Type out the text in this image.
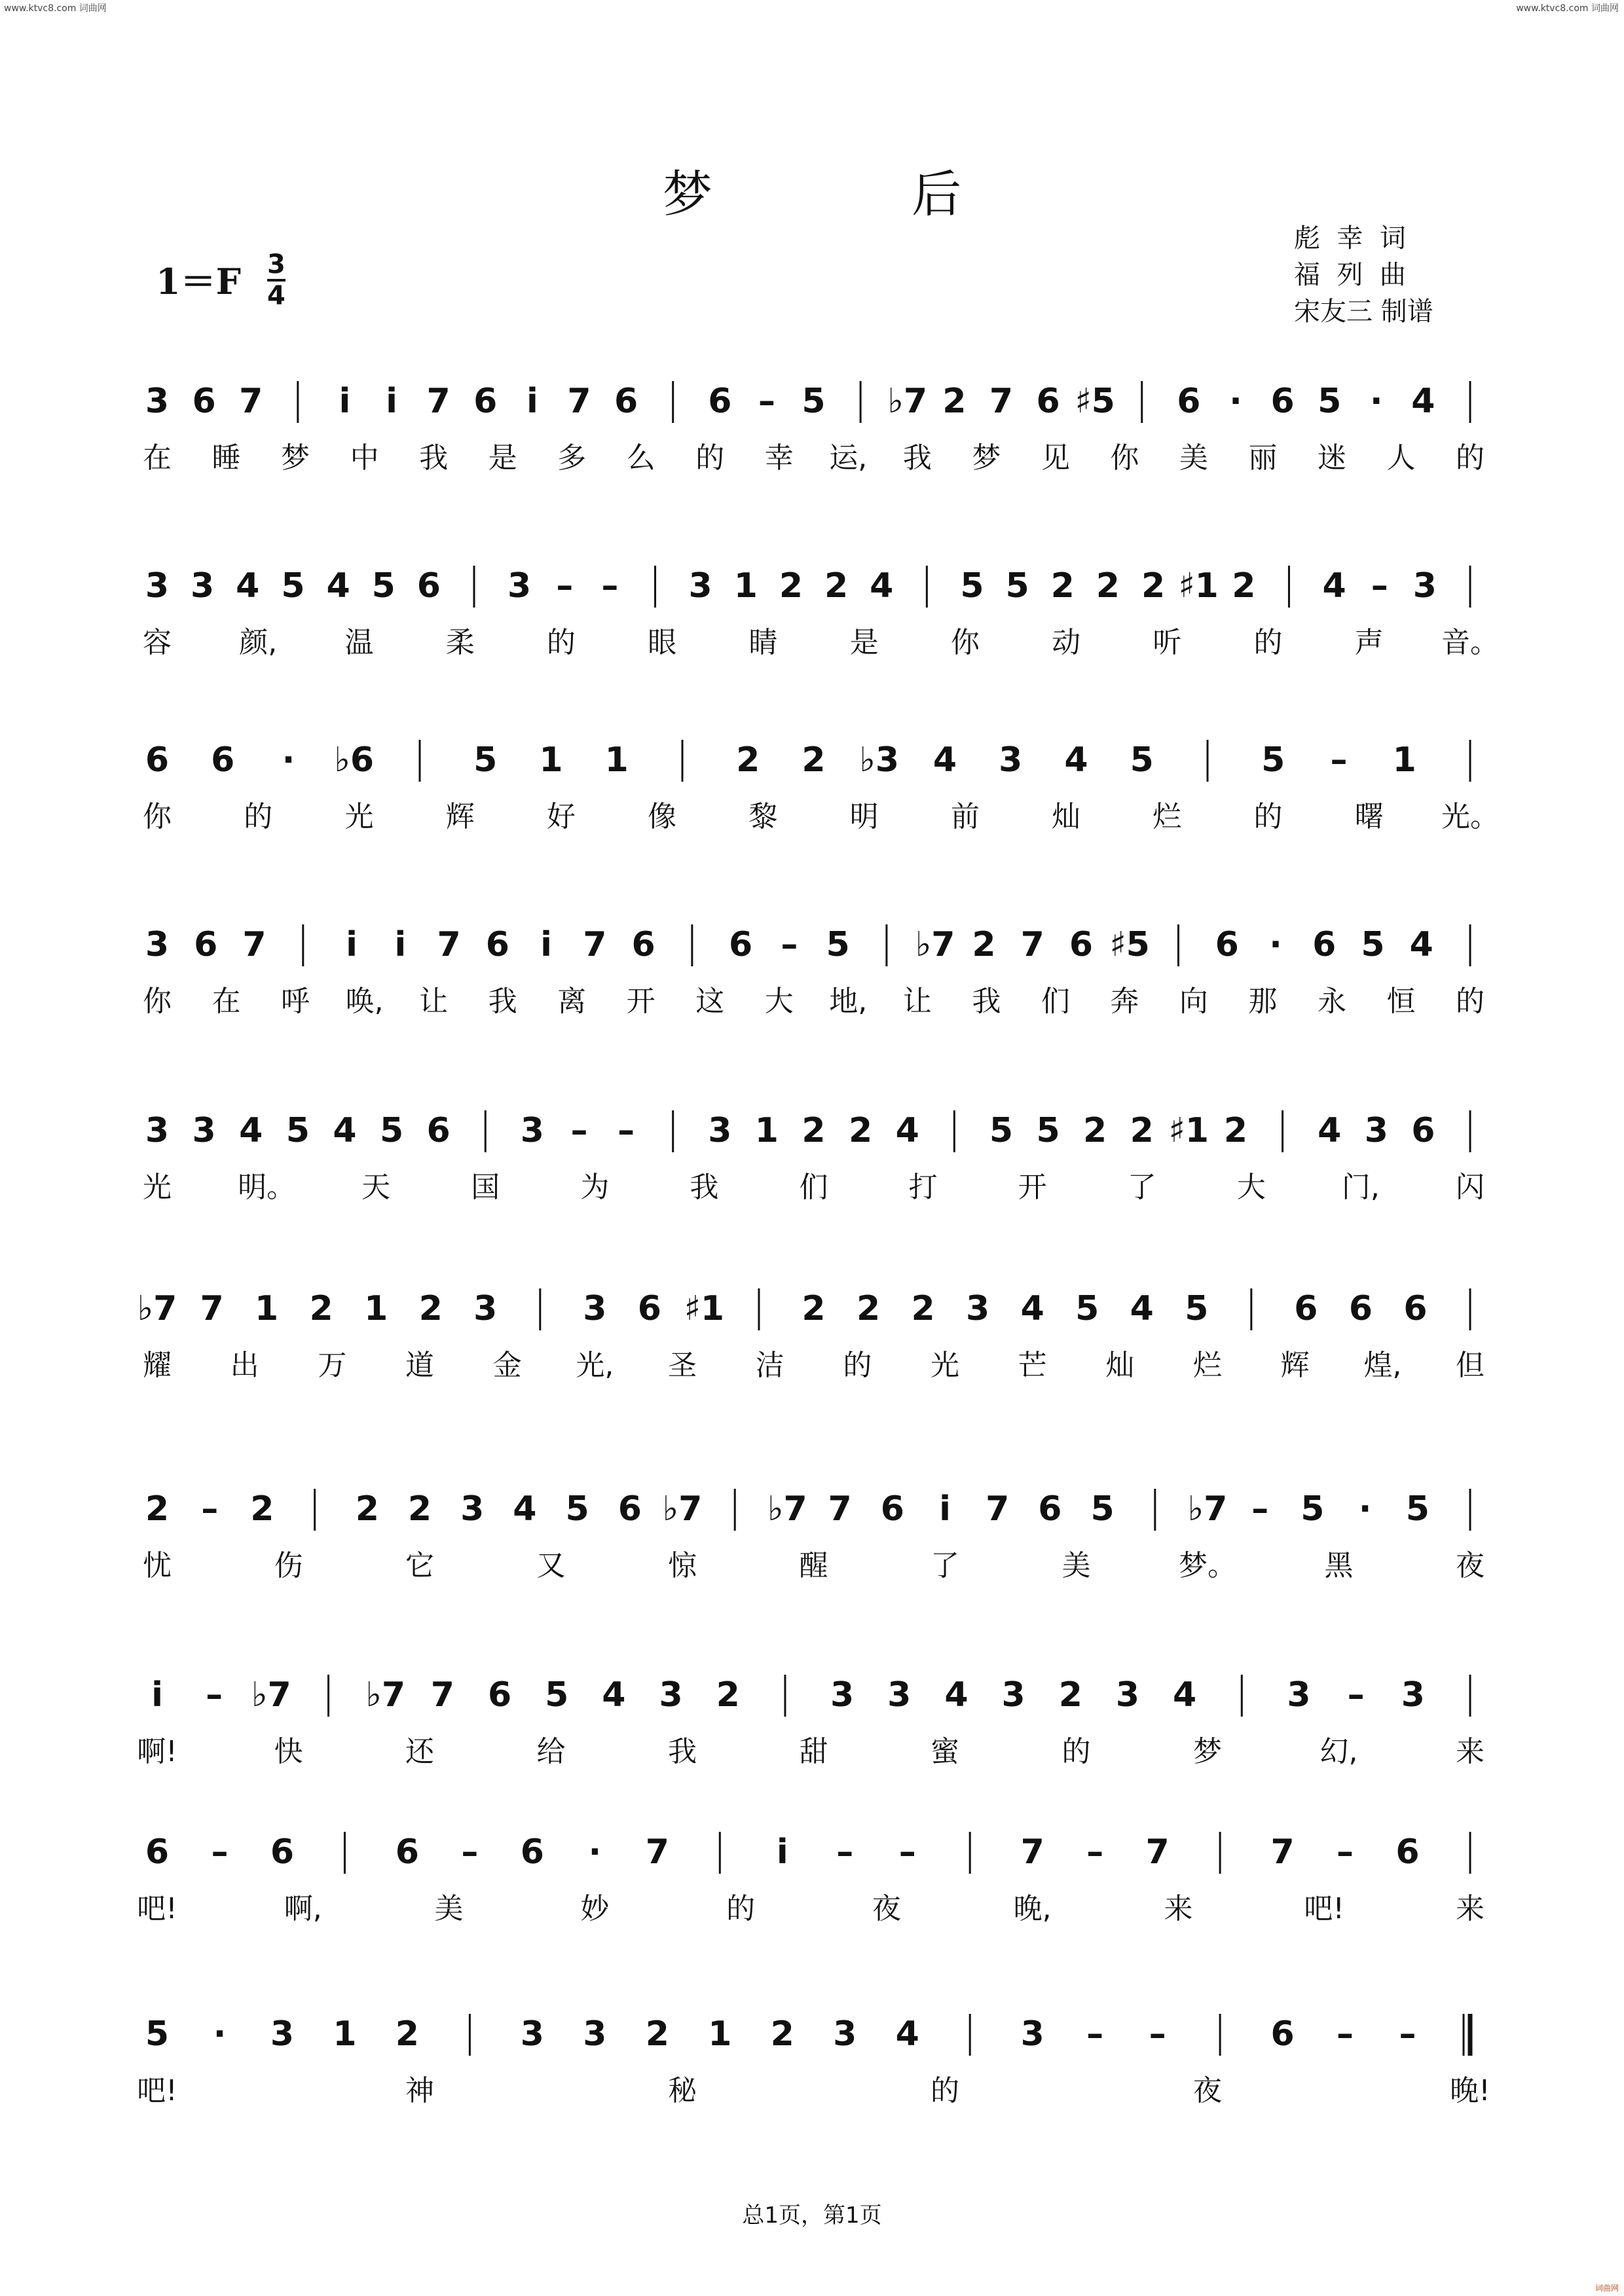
www.ktvc8.com 词曲网	www.ktvc8.com 词曲网
词曲网
梦 后
彪  幸  词
福  列  曲
宋友三 制谱
1＝F 3
4
3 6 7 i i 7 6 i 7 6 6 – 5 ♭7 2 7 6 ♯5 6 · 6 5 · 4
在 睡 梦 中 我 是 多 么 的 幸 运, 我 梦 见 你 美 丽 迷 人 的
3 3 4 5 4 5 6 3 – – 3 1 2 2 4 5 5 2 2 2 ♯1 2 4 – 3
容 颜, 温	柔	的	眼	睛	是	你	动	听	的	声 音。
6 6 · ♭6	5 1 1	2 2 ♭3 4 3 4 5	5 – 1
你	的	光	辉	好	像	黎	明	前	灿	烂	的	曙 光。
3 6 7 i i 7 6 i 7 6 6 – 5 ♭7 2 7 6 ♯5 6 · 6 5 4
你 在 呼 唤, 让 我 离 开 这 大 地, 让 我 们 奔 向 那 永 恒 的
3 3 4 5 4 5 6 3 – – 3 1 2 2 4 5 5 2 2 ♯1 2 4 3 6
光 明。 天	国	为	我	们	打	开	了	大	门,	闪
♭7 7 1 2 1 2 3	3 6 ♯1 2 2 2 3 4 5 4 5	6 6 6
耀 出 万 道 金 光, 圣 洁 的 光 芒 灿 烂 辉 煌, 但
2 – 2 2 2 3 4 5 6 ♭7 ♭7 7 6 i 7 6 5 ♭7 – 5 · 5
忧	伤	它	又	惊	醒	了	美	梦。	黑	夜
i – ♭7 ♭7 7 6 5 4 3 2	3 3 4 3 2 3 4	3 – 3
啊!	快	还	给	我	甜	蜜	的	梦	幻,	来
6 – 6	6 – 6 · 7	i – –	7 – 7	7 – 6
吧!	啊,	美	妙	的	夜	晚,	来	吧!	来
5 · 3 1 2	3 3 2 1 2 3 4	3 – –	6 – –
吧!	神	秘	的	夜	晚!
总1页，第1页
